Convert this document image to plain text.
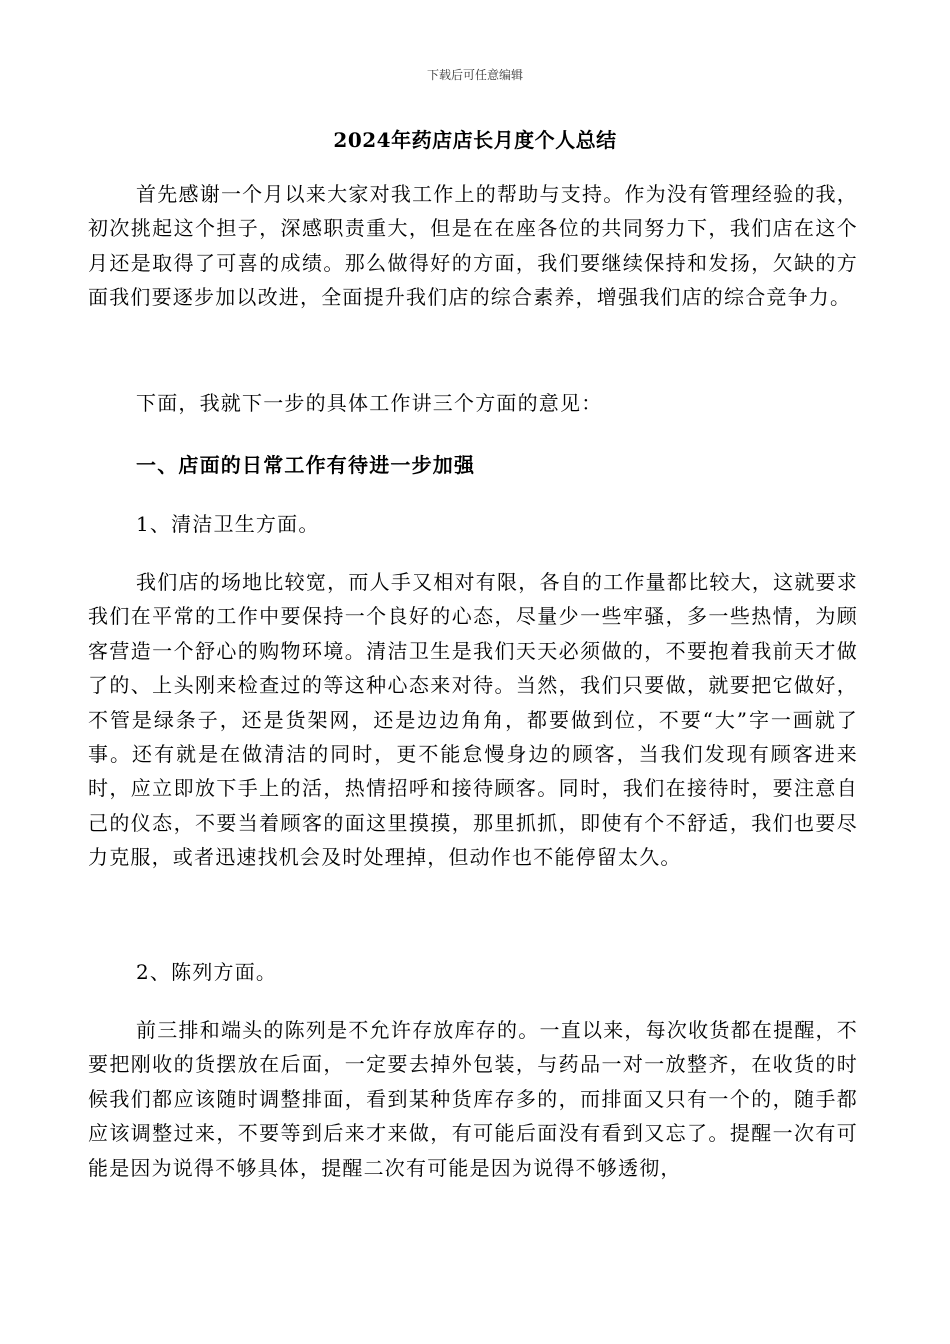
下载后可任意编辑
2024年药店店长月度个人总结

首先感谢一个月以来大家对我工作上的帮助与支持。作为没有管理经验的我，初次挑起这个担子，深感职责重大，但是在在座各位的共同努力下，我们店在这个月还是取得了可喜的成绩。那么做得好的方面，我们要继续保持和发扬，欠缺的方面我们要逐步加以改进，全面提升我们店的综合素养，增强我们店的综合竞争力。

下面，我就下一步的具体工作讲三个方面的意见：

一、店面的日常工作有待进一步加强

1、清洁卫生方面。

我们店的场地比较宽，而人手又相对有限，各自的工作量都比较大，这就要求我们在平常的工作中要保持一个良好的心态，尽量少一些牢骚，多一些热情，为顾客营造一个舒心的购物环境。清洁卫生是我们天天必须做的，不要抱着我前天才做了的、上头刚来检查过的等这种心态来对待。当然，我们只要做，就要把它做好，不管是绿条子，还是货架网，还是边边角角，都要做到位，不要“大”字一画就了事。还有就是在做清洁的同时，更不能怠慢身边的顾客，当我们发现有顾客进来时，应立即放下手上的活，热情招呼和接待顾客。同时，我们在接待时，要注意自己的仪态，不要当着顾客的面这里摸摸，那里抓抓，即使有个不舒适，我们也要尽力克服，或者迅速找机会及时处理掉，但动作也不能停留太久。

2、陈列方面。

前三排和端头的陈列是不允许存放库存的。一直以来，每次收货都在提醒，不要把刚收的货摆放在后面，一定要去掉外包装，与药品一对一放整齐，在收货的时候我们都应该随时调整排面，看到某种货库存多的，而排面又只有一个的，随手都应该调整过来，不要等到后来才来做，有可能后面没有看到又忘了。提醒一次有可能是因为说得不够具体，提醒二次有可能是因为说得不够透彻，
